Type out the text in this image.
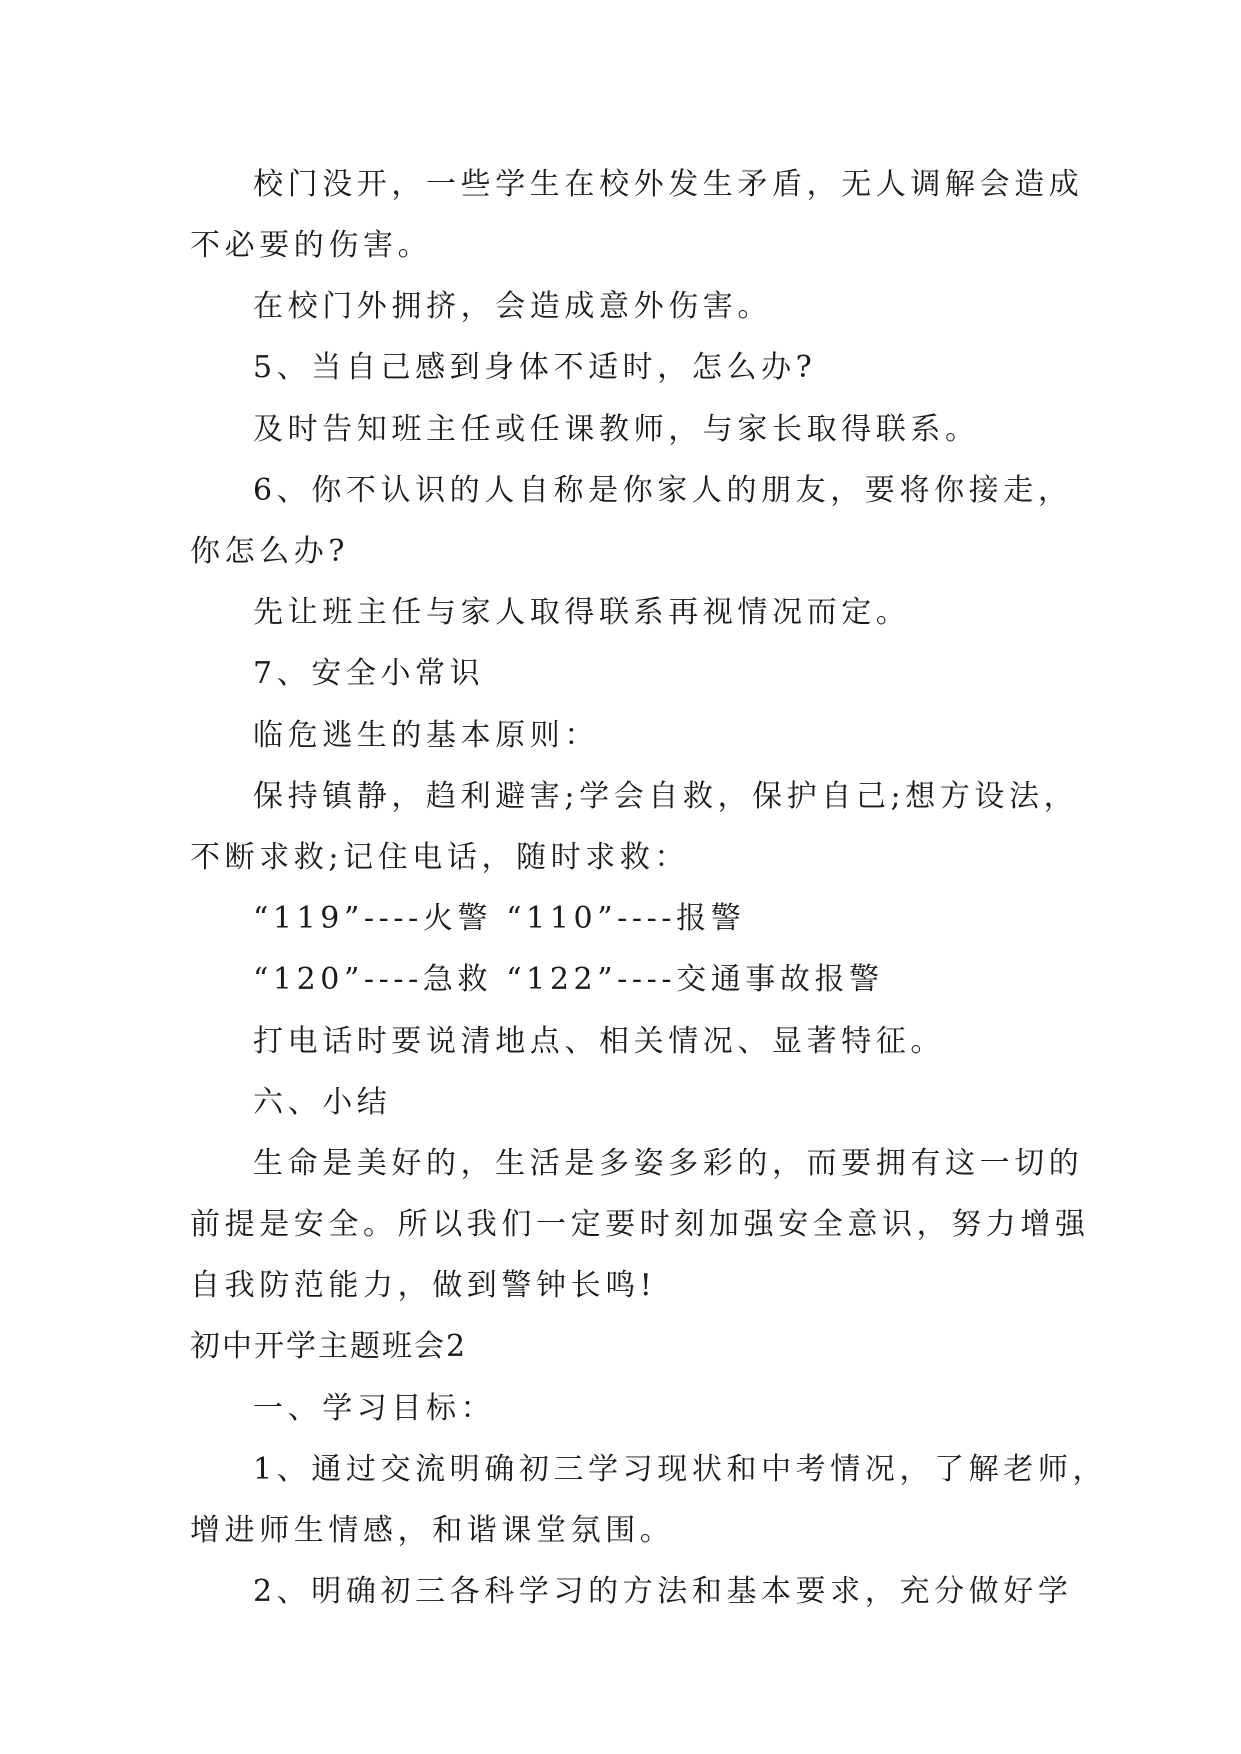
校门没开，一些学生在校外发生矛盾，无人调解会造成
不必要的伤害。
在校门外拥挤，会造成意外伤害。
5、当自己感到身体不适时，怎么办?
及时告知班主任或任课教师，与家长取得联系。
6、你不认识的人自称是你家人的朋友，要将你接走，
你怎么办?
先让班主任与家人取得联系再视情况而定。
7、安全小常识
临危逃生的基本原则：
保持镇静，趋利避害;学会自救，保护自己;想方设法，
不断求救;记住电话，随时求救：
“119”----火警 “110”----报警
“120”----急救 “122”----交通事故报警
打电话时要说清地点、相关情况、显著特征。
六、小结
生命是美好的，生活是多姿多彩的，而要拥有这一切的
前提是安全。所以我们一定要时刻加强安全意识，努力增强
自我防范能力，做到警钟长鸣!
初中开学主题班会2
一、学习目标：
1、通过交流明确初三学习现状和中考情况，了解老师，
增进师生情感，和谐课堂氛围。
2、明确初三各科学习的方法和基本要求，充分做好学
